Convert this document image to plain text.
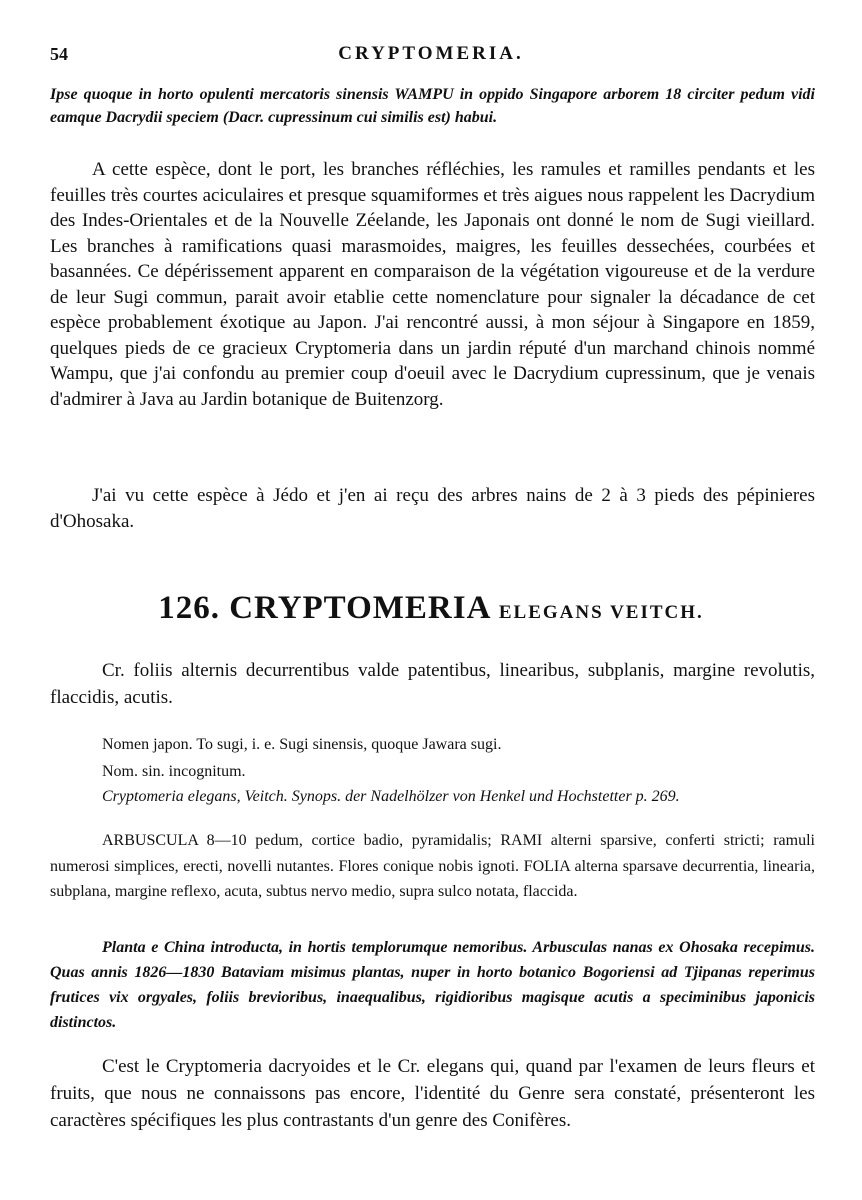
54	CRYPTOMERIA.
Ipse quoque in horto opulenti mercatoris sinensis WAMPU in oppido Singapore arborem 18 circiter pedum vidi eamque Dacrydii speciem (Dacr. cupressinum cui similis est) habui.
A cette espèce, dont le port, les branches réfléchies, les ramules et ramilles pendants et les feuilles très courtes aciculaires et presque squamiformes et très aigues nous rappelent les Dacrydium des Indes-Orientales et de la Nouvelle Zéelande, les Japonais ont donné le nom de Sugi vieillard. Les branches à ramifications quasi marasmoides, maigres, les feuilles dessechées, courbées et basannées. Ce dépérissement apparent en comparaison de la végétation vigoureuse et de la verdure de leur Sugi commun, parait avoir etablie cette nomenclature pour signaler la décadance de cet espèce probablement éxotique au Japon. J'ai rencontré aussi, à mon séjour à Singapore en 1859, quelques pieds de ce gracieux Cryptomeria dans un jardin réputé d'un marchand chinois nommé Wampu, que j'ai confondu au premier coup d'oeuil avec le Dacrydium cupressinum, que je venais d'admirer à Java au Jardin botanique de Buitenzorg.
J'ai vu cette espèce à Jédo et j'en ai reçu des arbres nains de 2 à 3 pieds des pépinieres d'Ohosaka.
126. CRYPTOMERIA ELEGANS VEITCH.
Cr. foliis alternis decurrentibus valde patentibus, linearibus, subplanis, margine revolutis, flaccidis, acutis.
Nomen japon. To sugi, i. e. Sugi sinensis, quoque Jawara sugi.
Nom. sin. incognitum.
Cryptomeria elegans, Veitch. Synops. der Nadelhölzer von Henkel und Hochstetter p. 269.
ARBUSCULA 8—10 pedum, cortice badio, pyramidalis; RAMI alterni sparsive, conferti stricti; ramuli numerosi simplices, erecti, novelli nutantes. Flores conique nobis ignoti. FOLIA alterna sparsave decurrentia, linearia, subplana, margine reflexo, acuta, subtus nervo medio, supra sulco notata, flaccida.
Planta e China introducta, in hortis templorumque nemoribus. Arbusculas nanas ex Ohosaka recepimus. Quas annis 1826—1830 Bataviam misimus plantas, nuper in horto botanico Bogoriensi ad Tjipanas reperimus frutices vix orgyales, foliis brevioribus, inaequalibus, rigidioribus magisque acutis a speciminibus japonicis distinctos.
C'est le Cryptomeria dacryoides et le Cr. elegans qui, quand par l'examen de leurs fleurs et fruits, que nous ne connaissons pas encore, l'identité du Genre sera constaté, présenteront les caractères spécifiques les plus contrastants d'un genre des Conifères.
